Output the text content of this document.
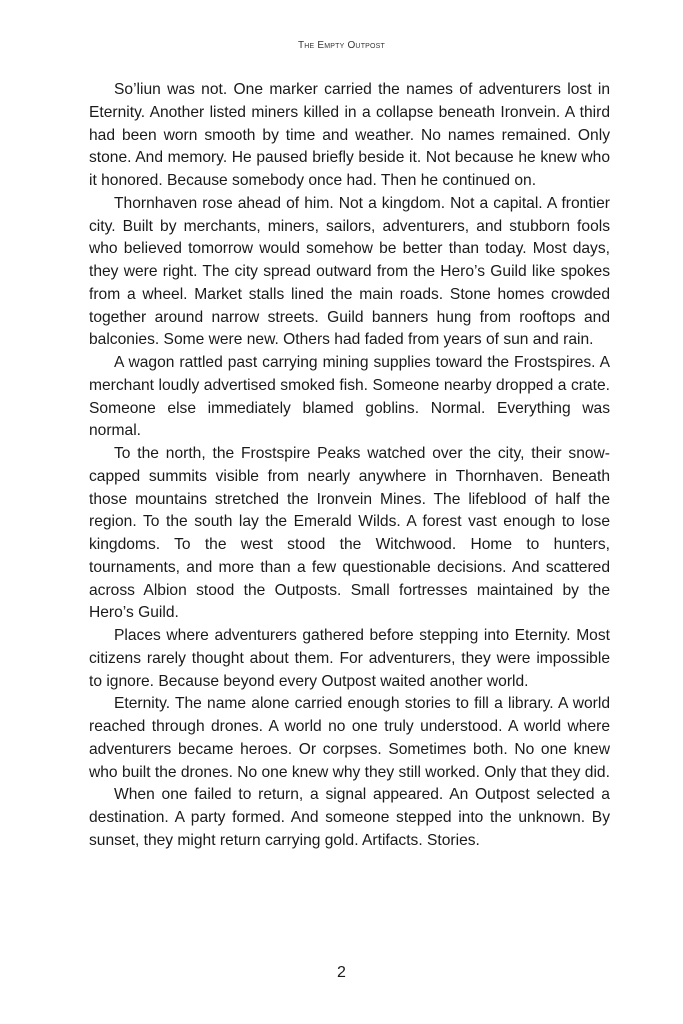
The Empty Outpost

So’liun was not. One marker carried the names of adventurers lost in Eternity. Another listed miners killed in a collapse beneath Ironvein. A third had been worn smooth by time and weather. No names remained. Only stone. And memory. He paused briefly beside it. Not because he knew who it honored. Because somebody once had. Then he continued on.

Thornhaven rose ahead of him. Not a kingdom. Not a capital. A frontier city. Built by merchants, miners, sailors, adventurers, and stubborn fools who believed tomorrow would somehow be better than today. Most days, they were right. The city spread outward from the Hero’s Guild like spokes from a wheel. Market stalls lined the main roads. Stone homes crowded together around narrow streets. Guild banners hung from rooftops and balconies. Some were new. Others had faded from years of sun and rain.

A wagon rattled past carrying mining supplies toward the Frostspires. A merchant loudly advertised smoked fish. Someone nearby dropped a crate. Someone else immediately blamed goblins. Normal. Everything was normal.

To the north, the Frostspire Peaks watched over the city, their snow-capped summits visible from nearly anywhere in Thornhaven. Beneath those mountains stretched the Ironvein Mines. The lifeblood of half the region. To the south lay the Emerald Wilds. A forest vast enough to lose kingdoms. To the west stood the Witchwood. Home to hunters, tournaments, and more than a few questionable decisions. And scattered across Albion stood the Outposts. Small fortresses maintained by the Hero’s Guild.

Places where adventurers gathered before stepping into Eternity. Most citizens rarely thought about them. For adventurers, they were impossible to ignore. Because beyond every Outpost waited another world.

Eternity. The name alone carried enough stories to fill a library. A world reached through drones. A world no one truly understood. A world where adventurers became heroes. Or corpses. Sometimes both. No one knew who built the drones. No one knew why they still worked. Only that they did.

When one failed to return, a signal appeared. An Outpost selected a destination. A party formed. And someone stepped into the unknown. By sunset, they might return carrying gold. Artifacts. Stories.

2
